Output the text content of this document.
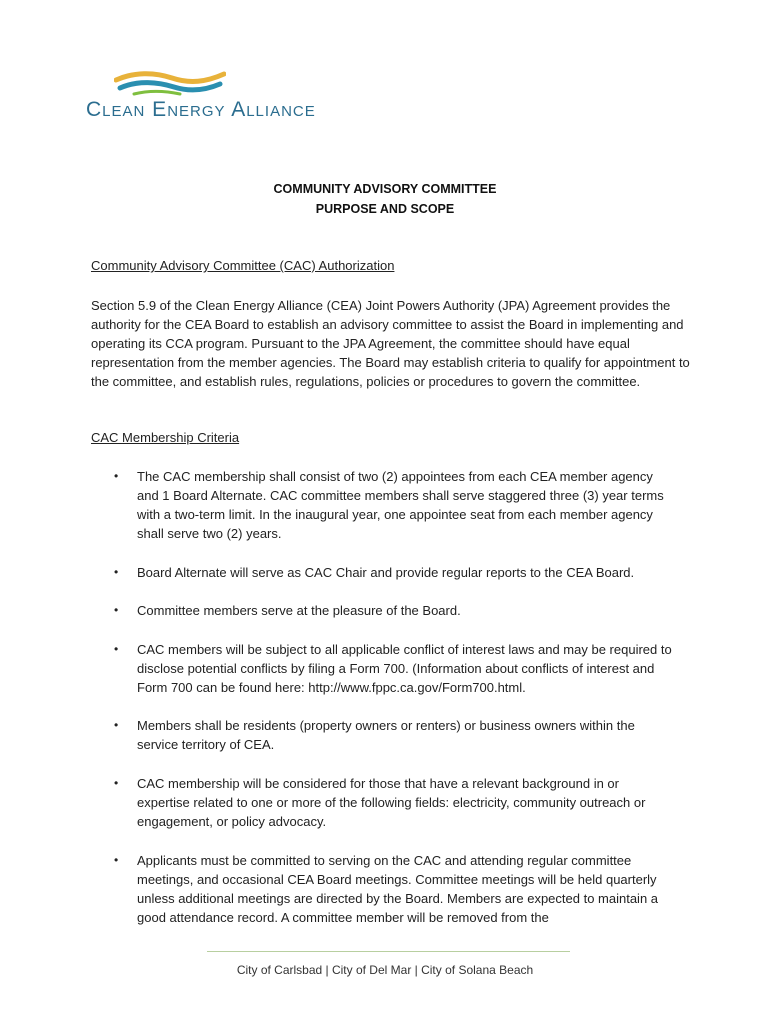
Clean Energy Alliance
COMMUNITY ADVISORY COMMITTEE
PURPOSE AND SCOPE
Community Advisory Committee (CAC) Authorization
Section 5.9 of the Clean Energy Alliance (CEA) Joint Powers Authority (JPA) Agreement provides the authority for the CEA Board to establish an advisory committee to assist the Board in implementing and operating its CCA program. Pursuant to the JPA Agreement, the committee should have equal representation from the member agencies. The Board may establish criteria to qualify for appointment to the committee, and establish rules, regulations, policies or procedures to govern the committee.
CAC Membership Criteria
• The CAC membership shall consist of two (2) appointees from each CEA member agency and 1 Board Alternate. CAC committee members shall serve staggered three (3) year terms with a two-term limit. In the inaugural year, one appointee seat from each member agency shall serve two (2) years.
• Board Alternate will serve as CAC Chair and provide regular reports to the CEA Board.
• Committee members serve at the pleasure of the Board.
• CAC members will be subject to all applicable conflict of interest laws and may be required to disclose potential conflicts by filing a Form 700. (Information about conflicts of interest and Form 700 can be found here: http://www.fppc.ca.gov/Form700.html.
• Members shall be residents (property owners or renters) or business owners within the service territory of CEA.
• CAC membership will be considered for those that have a relevant background in or expertise related to one or more of the following fields: electricity, community outreach or engagement, or policy advocacy.
• Applicants must be committed to serving on the CAC and attending regular committee meetings, and occasional CEA Board meetings. Committee meetings will be held quarterly unless additional meetings are directed by the Board. Members are expected to maintain a good attendance record. A committee member will be removed from the
City of Carlsbad | City of Del Mar | City of Solana Beach
